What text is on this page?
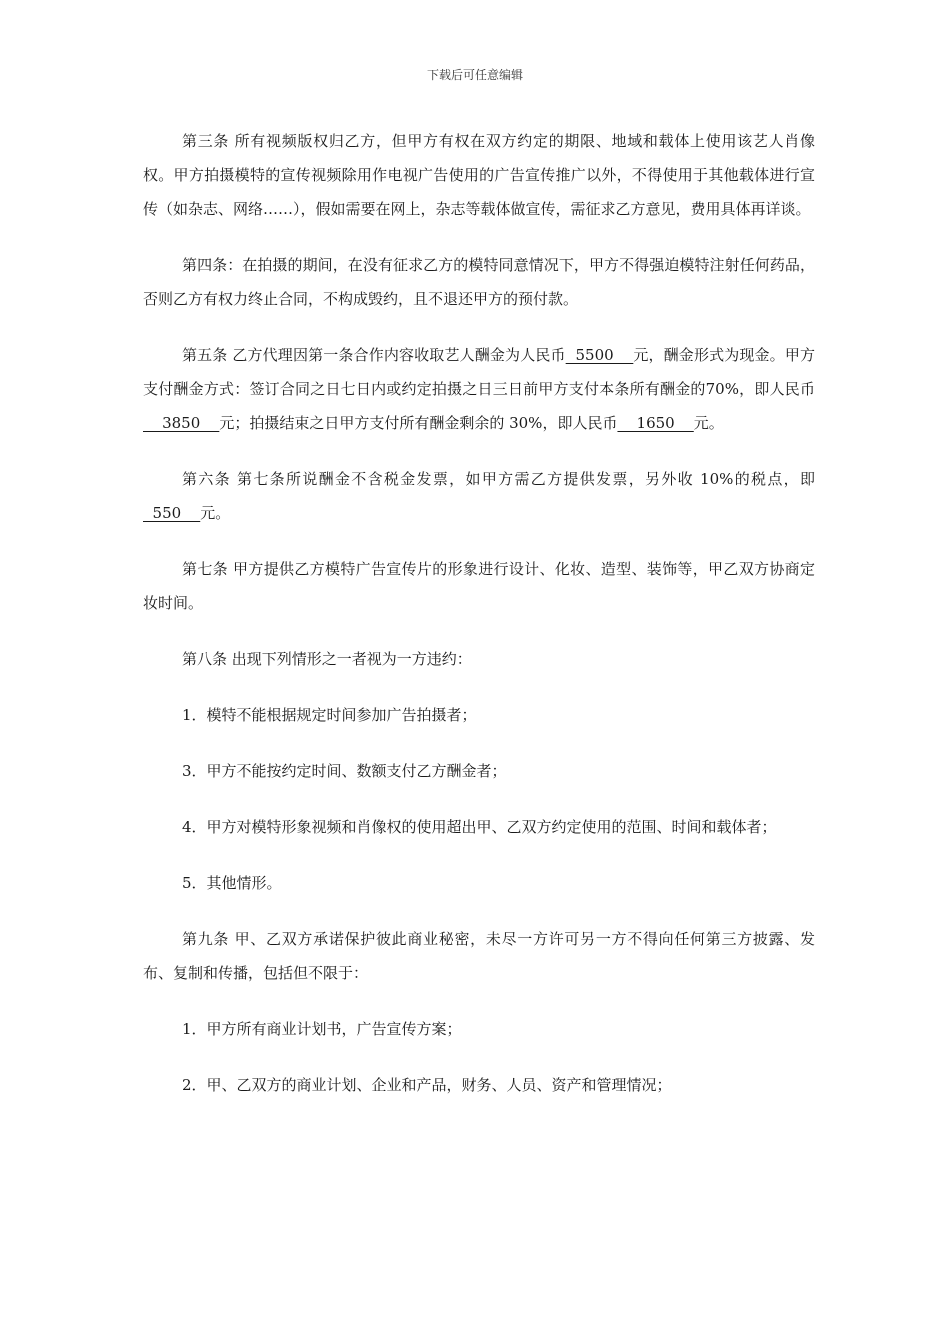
下载后可任意编辑

第三条 所有视频版权归乙方，但甲方有权在双方约定的期限、地域和载体上使用该艺人肖像权。甲方拍摄模特的宣传视频除用作电视广告使用的广告宣传推广以外，不得使用于其他载体进行宣传（如杂志、网络……），假如需要在网上，杂志等载体做宣传，需征求乙方意见，费用具体再详谈。

第四条：在拍摄的期间，在没有征求乙方的模特同意情况下，甲方不得强迫模特注射任何药品，否则乙方有权力终止合同，不构成毁约，且不退还甲方的预付款。

第五条 乙方代理因第一条合作内容收取艺人酬金为人民币  5500    元，酬金形式为现金。甲方支付酬金方式：签订合同之日七日内或约定拍摄之日三日前甲方支付本条所有酬金的70%，即人民币    3850    元；拍摄结束之日甲方支付所有酬金剩余的 30%，即人民币    1650    元。

第六条 第七条所说酬金不含税金发票，如甲方需乙方提供发票，另外收 10%的税点，即  550    元。

第七条 甲方提供乙方模特广告宣传片的形象进行设计、化妆、造型、装饰等，甲乙双方协商定妆时间。

第八条 出现下列情形之一者视为一方违约：

1．模特不能根据规定时间参加广告拍摄者；

3．甲方不能按约定时间、数额支付乙方酬金者；

4．甲方对模特形象视频和肖像权的使用超出甲、乙双方约定使用的范围、时间和载体者；

5．其他情形。

第九条 甲、乙双方承诺保护彼此商业秘密，未尽一方许可另一方不得向任何第三方披露、发布、复制和传播，包括但不限于：

1．甲方所有商业计划书，广告宣传方案；

2．甲、乙双方的商业计划、企业和产品，财务、人员、资产和管理情况；
